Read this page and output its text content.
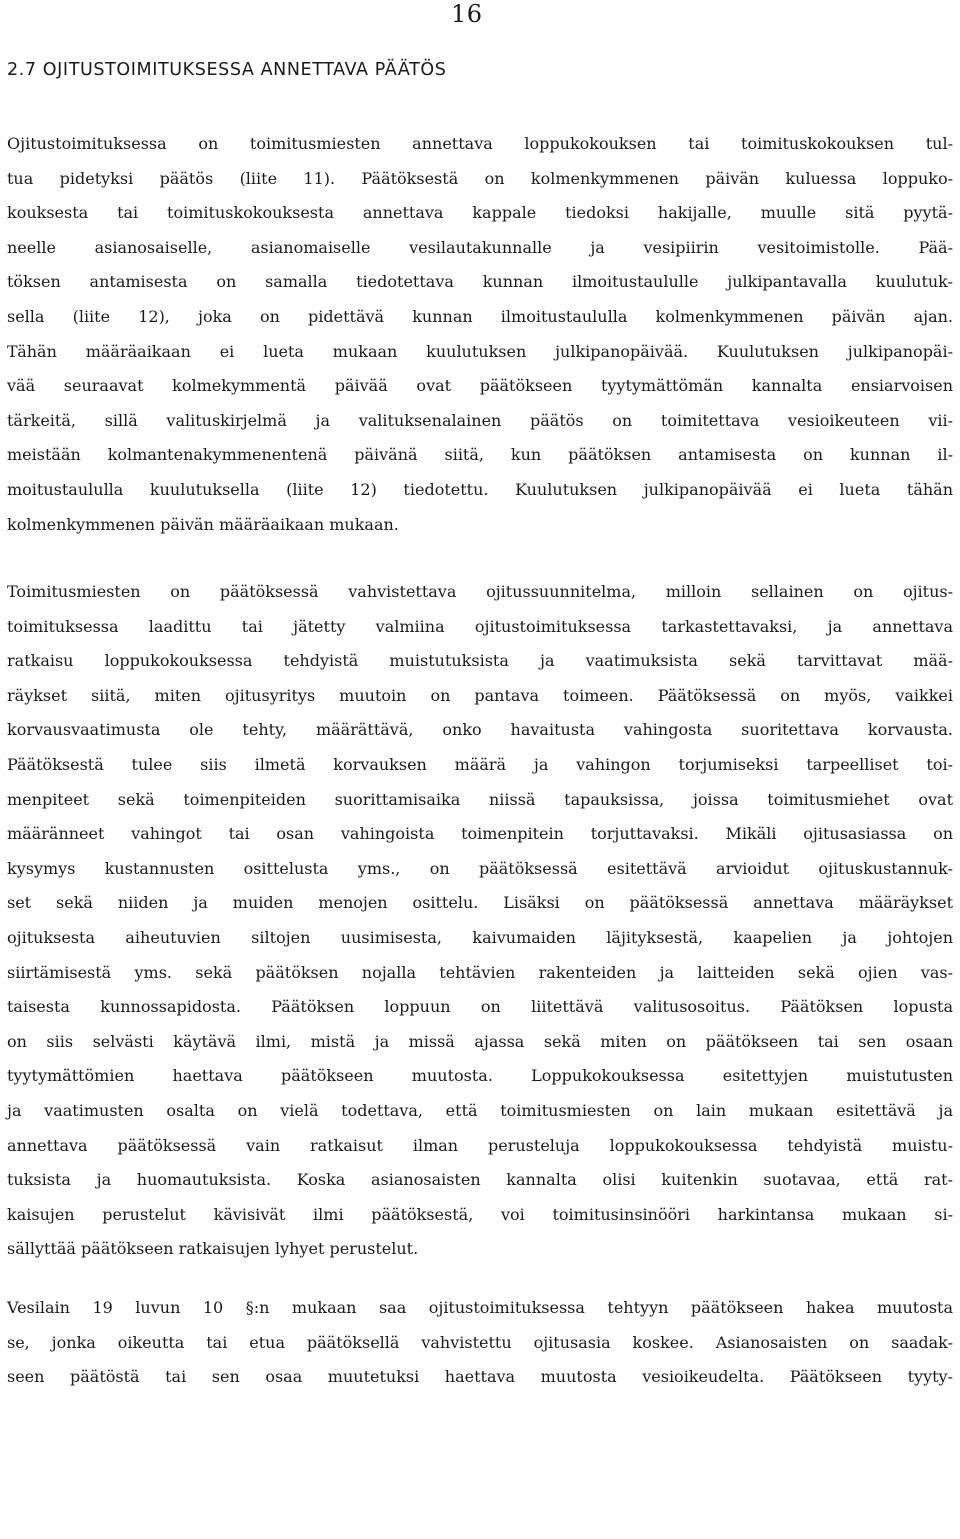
16
2.7 OJITUSTOIMITUKSESSA ANNETTAVA PÄÄTÖS
Ojitustoimituksessa on toimitusmiesten annettava loppukokouksen tai toimituskokouksen tul-
tua pidetyksi päätös (liite 11). Päätöksestä on kolmenkymmenen päivän kuluessa loppuko-
kouksesta tai toimituskokouksesta annettava kappale tiedoksi hakijalle, muulle sitä pyytä-
neelle asianosaiselle, asianomaiselle vesilautakunnalle ja vesipiirin vesitoimistolle. Pää-
töksen antamisesta on samalla tiedotettava kunnan ilmoitustaululle julkipantavalla kuulutuk-
sella (liite 12), joka on pidettävä kunnan ilmoitustaululla kolmenkymmenen päivän ajan.
Tähän määräaikaan ei lueta mukaan kuulutuksen julkipanopäivää. Kuulutuksen julkipanopäi-
vää seuraavat kolmekymmentä päivää ovat päätökseen tyytymättömän kannalta ensiarvoisen
tärkeitä, sillä valituskirjelmä ja valituksenalainen päätös on toimitettava vesioikeuteen vii-
meistään kolmantenakymmenentenä päivänä siitä, kun päätöksen antamisesta on kunnan il-
moitustaululla kuulutuksella (liite 12) tiedotettu. Kuulutuksen julkipanopäivää ei lueta tähän
kolmenkymmenen päivän määräaikaan mukaan.
Toimitusmiesten on päätöksessä vahvistettava ojitussuunnitelma, milloin sellainen on ojitus-
toimituksessa laadittu tai jätetty valmiina ojitustoimituksessa tarkastettavaksi, ja annettava
ratkaisu loppukokouksessa tehdyistä muistutuksista ja vaatimuksista sekä tarvittavat mää-
räykset siitä, miten ojitusyritys muutoin on pantava toimeen. Päätöksessä on myös, vaikkei
korvausvaatimusta ole tehty, määrättävä, onko havaitusta vahingosta suoritettava korvausta.
Päätöksestä tulee siis ilmetä korvauksen määrä ja vahingon torjumiseksi tarpeelliset toi-
menpiteet sekä toimenpiteiden suorittamisaika niissä tapauksissa, joissa toimitusmiehet ovat
määränneet vahingot tai osan vahingoista toimenpitein torjuttavaksi. Mikäli ojitusasiassa on
kysymys kustannusten osittelusta yms., on päätöksessä esitettävä arvioidut ojituskustannuk-
set sekä niiden ja muiden menojen osittelu. Lisäksi on päätöksessä annettava määräykset
ojituksesta aiheutuvien siltojen uusimisesta, kaivumaiden läjityksestä, kaapelien ja johtojen
siirtämisestä yms. sekä päätöksen nojalla tehtävien rakenteiden ja laitteiden sekä ojien vas-
taisesta kunnossapidosta. Päätöksen loppuun on liitettävä valitusosoitus. Päätöksen lopusta
on siis selvästi käytävä ilmi, mistä ja missä ajassa sekä miten on päätökseen tai sen osaan
tyytymättömien haettava päätökseen muutosta. Loppukokouksessa esitettyjen muistutusten
ja vaatimusten osalta on vielä todettava, että toimitusmiesten on lain mukaan esitettävä ja
annettava päätöksessä vain ratkaisut ilman perusteluja loppukokouksessa tehdyistä muistu-
tuksista ja huomautuksista. Koska asianosaisten kannalta olisi kuitenkin suotavaa, että rat-
kaisujen perustelut kävisivät ilmi päätöksestä, voi toimitusinsinööri harkintansa mukaan si-
sällyttää päätökseen ratkaisujen lyhyet perustelut.
Vesilain 19 luvun 10 §:n mukaan saa ojitustoimituksessa tehtyyn päätökseen hakea muutosta
se, jonka oikeutta tai etua päätöksellä vahvistettu ojitusasia koskee. Asianosaisten on saadak-
seen päätöstä tai sen osaa muutetuksi haettava muutosta vesioikeudelta. Päätökseen tyyty-
